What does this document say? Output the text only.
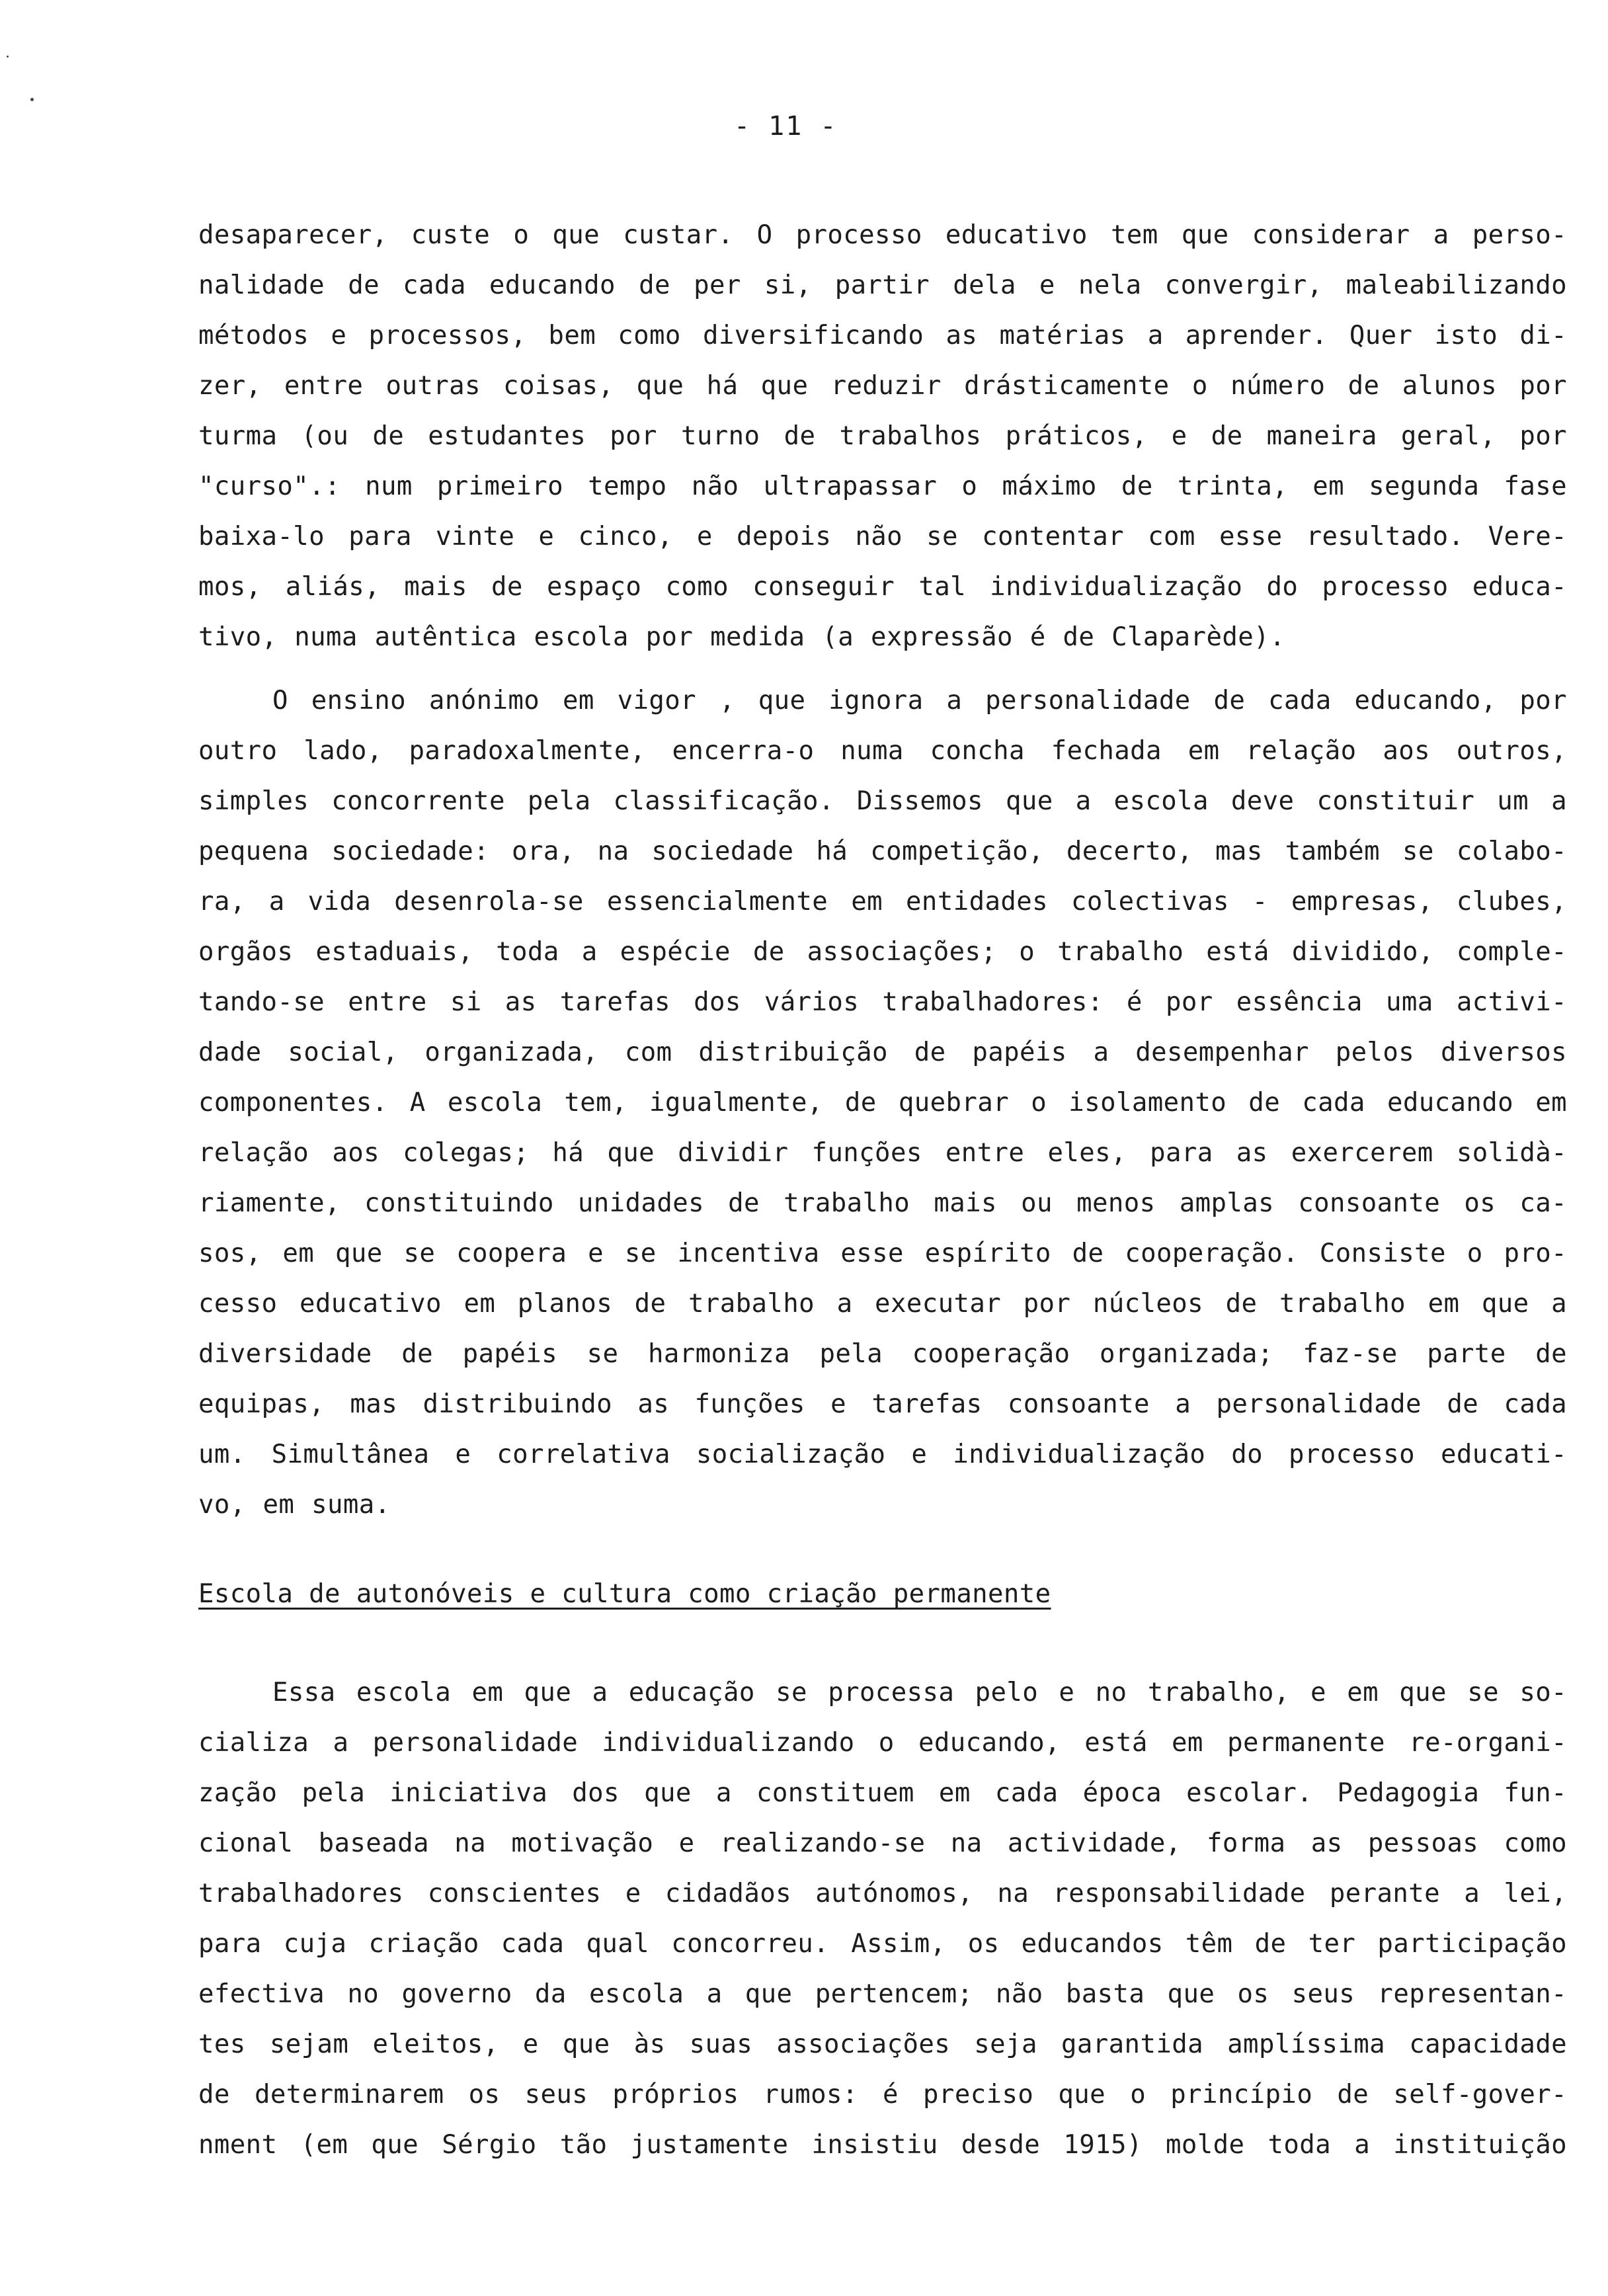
- 11 -
desaparecer, custe o que custar. O processo educativo tem que considerar a perso-
nalidade de cada educando de per si, partir dela e nela convergir, maleabilizando
métodos e processos, bem como diversificando as matérias a aprender. Quer isto di-
zer, entre outras coisas, que há que reduzir drásticamente o número de alunos por
turma (ou de estudantes por turno de trabalhos práticos, e de maneira geral, por
"curso".: num primeiro tempo não ultrapassar o máximo de trinta, em segunda fase
baixa-lo para vinte e cinco, e depois não se contentar com esse resultado. Vere-
mos, aliás, mais de espaço como conseguir tal individualização do processo educa-
tivo, numa autêntica escola por medida (a expressão é de Claparède).
O ensino anónimo em vigor , que ignora a personalidade de cada educando, por
outro lado, paradoxalmente, encerra-o numa concha fechada em relação aos outros,
simples concorrente pela classificação. Dissemos que a escola deve constituir um a
pequena sociedade: ora, na sociedade há competição, decerto, mas também se colabo-
ra, a vida desenrola-se essencialmente em entidades colectivas - empresas, clubes,
orgãos estaduais, toda a espécie de associações; o trabalho está dividido, comple-
tando-se entre si as tarefas dos vários trabalhadores: é por essência uma activi-
dade social, organizada, com distribuição de papéis a desempenhar pelos diversos
componentes. A escola tem, igualmente, de quebrar o isolamento de cada educando em
relação aos colegas; há que dividir funções entre eles, para as exercerem solidà-
riamente, constituindo unidades de trabalho mais ou menos amplas consoante os ca-
sos, em que se coopera e se incentiva esse espírito de cooperação. Consiste o pro-
cesso educativo em planos de trabalho a executar por núcleos de trabalho em que a
diversidade de papéis se harmoniza pela cooperação organizada; faz-se parte de
equipas, mas distribuindo as funções e tarefas consoante a personalidade de cada
um. Simultânea e correlativa socialização e individualização do processo educati-
vo, em suma.
Escola de autonóveis e cultura como criação permanente
Essa escola em que a educação se processa pelo e no trabalho, e em que se so-
cializa a personalidade individualizando o educando, está em permanente re-organi-
zação pela iniciativa dos que a constituem em cada época escolar. Pedagogia fun-
cional baseada na motivação e realizando-se na actividade, forma as pessoas como
trabalhadores conscientes e cidadãos autónomos, na responsabilidade perante a lei,
para cuja criação cada qual concorreu. Assim, os educandos têm de ter participação
efectiva no governo da escola a que pertencem; não basta que os seus representan-
tes sejam eleitos, e que às suas associações seja garantida amplíssima capacidade
de determinarem os seus próprios rumos: é preciso que o princípio de self-gover-
nment (em que Sérgio tão justamente insistiu desde 1915) molde toda a instituição
